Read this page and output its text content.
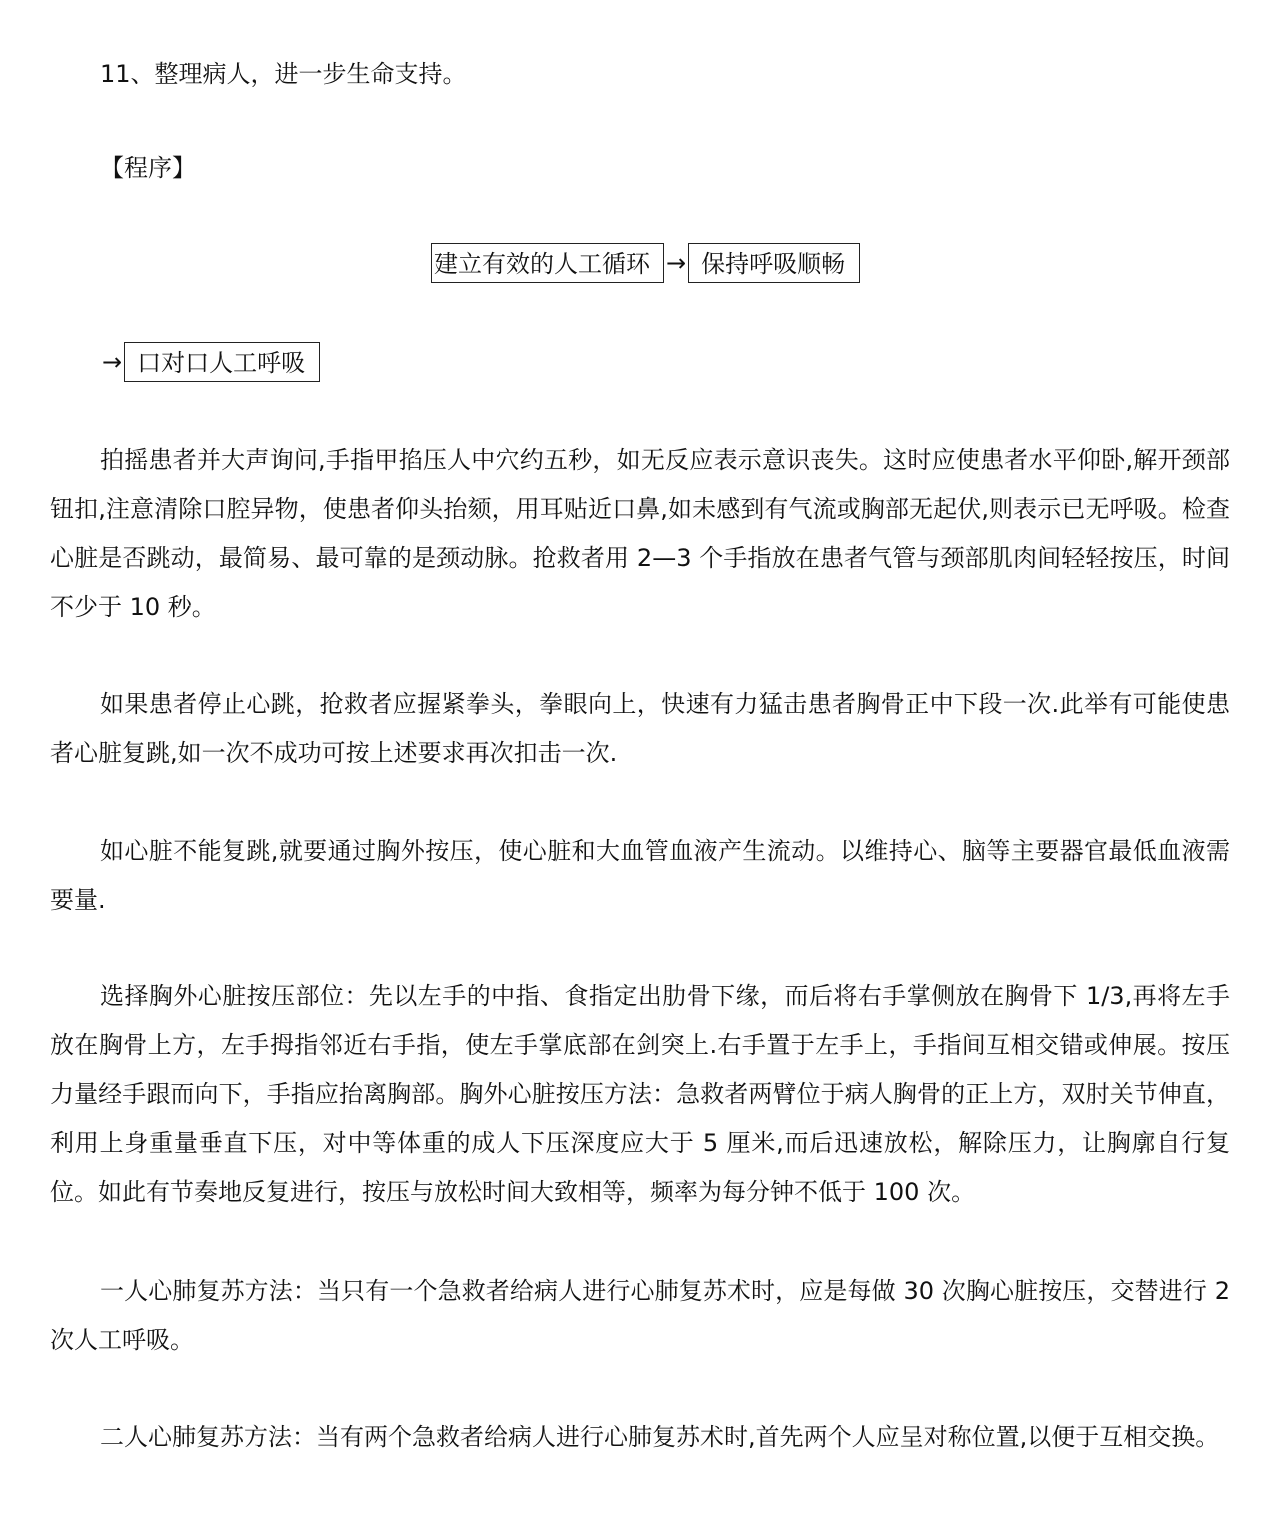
11、整理病人，进一步生命支持。
【程序】
建立有效的人工循环 → 保持呼吸顺畅
→ 口对口人工呼吸

拍摇患者并大声询问,手指甲掐压人中穴约五秒，如无反应表示意识丧失。这时应使患者水平仰卧,解开颈部钮扣,注意清除口腔异物，使患者仰头抬颏，用耳贴近口鼻,如未感到有气流或胸部无起伏,则表示已无呼吸。检查心脏是否跳动，最简易、最可靠的是颈动脉。抢救者用 2—3 个手指放在患者气管与颈部肌肉间轻轻按压，时间不少于 10 秒。

如果患者停止心跳，抢救者应握紧拳头，拳眼向上，快速有力猛击患者胸骨正中下段一次.此举有可能使患者心脏复跳,如一次不成功可按上述要求再次扣击一次.

如心脏不能复跳,就要通过胸外按压，使心脏和大血管血液产生流动。以维持心、脑等主要器官最低血液需要量.

选择胸外心脏按压部位：先以左手的中指、食指定出肋骨下缘，而后将右手掌侧放在胸骨下 1/3,再将左手放在胸骨上方，左手拇指邻近右手指，使左手掌底部在剑突上.右手置于左手上，手指间互相交错或伸展。按压力量经手跟而向下，手指应抬离胸部。胸外心脏按压方法：急救者两臂位于病人胸骨的正上方，双肘关节伸直，利用上身重量垂直下压，对中等体重的成人下压深度应大于 5 厘米,而后迅速放松，解除压力，让胸廓自行复位。如此有节奏地反复进行，按压与放松时间大致相等，频率为每分钟不低于 100 次。

一人心肺复苏方法：当只有一个急救者给病人进行心肺复苏术时，应是每做 30 次胸心脏按压，交替进行 2 次人工呼吸。

二人心肺复苏方法：当有两个急救者给病人进行心肺复苏术时,首先两个人应呈对称位置,以便于互相交换。
